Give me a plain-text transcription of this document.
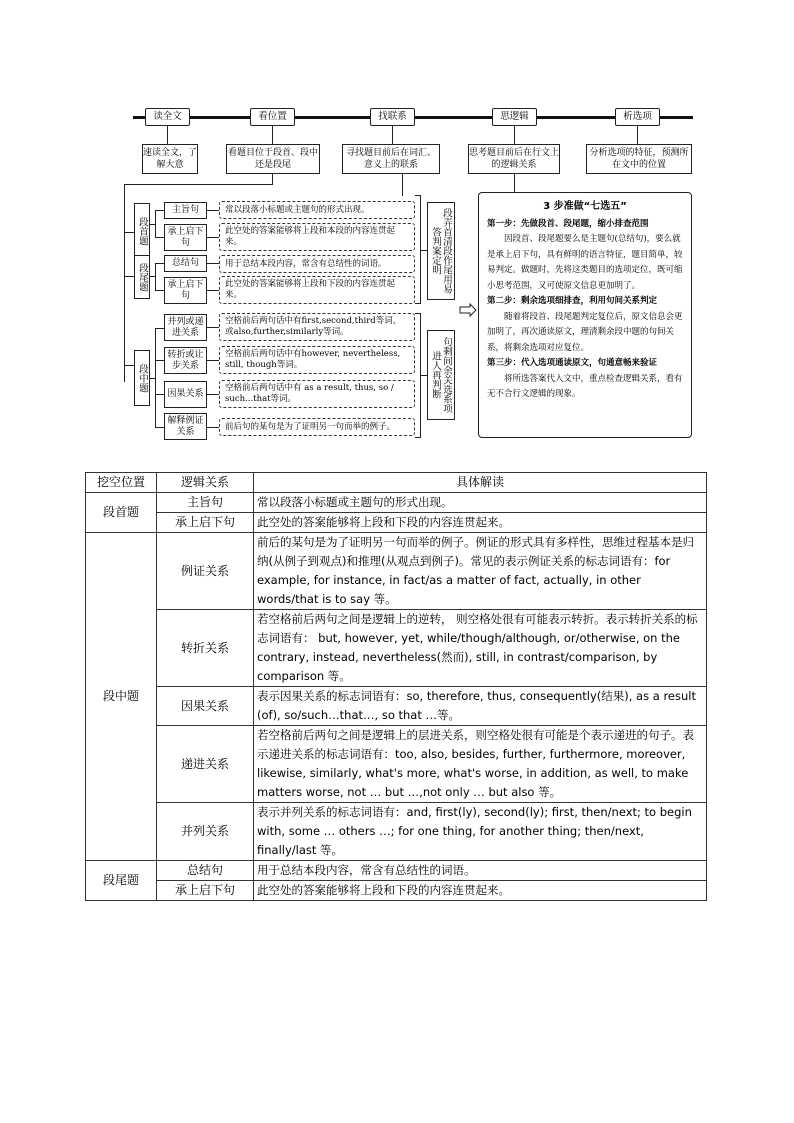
读全文	看位置	找联系	思逻辑	析选项
速读全文，了解大意
看题目位于段首、段中还是段尾
寻找题目前后在词汇、意义上的联系
思考题目前后在行文上的逻辑关系
分析选项的特征，预测所在文中的位置
段首题
段尾题
段中题
主旨句
承上启下句
总结句
承上启下句
并列或递进关系
转折或让步关系
因果关系
解释例证关系
常以段落小标题或主题句的形式出现。
此空处的答案能够将上段和本段的内容连贯起来。
用于总结本段内容，常含有总结性的词语。
此空处的答案能够将上段和下段的内容连贯起来。
空格前后两句话中有first,second,third等词，或also,further,similarly等词。
空格前后两句话中有however, nevertheless, still, though等词。
空格前后两句话中有 as a result, thus, so / such...that等词。
前后句的某句是为了证明另一句而举的例子。
段弄首清段作尾用易答判案定明
句剩间余关选系项进人再判断
3 步准做“七选五”
第一步：先做段首、段尾题，缩小排查范围

因段首、段尾题要么是主题句(总结句)，要么就是承上启下句，具有鲜明的语言特征，题目简单，较易判定。做题时，先将这类题目的选项定位，既可缩小思考范围，又可使原文信息更加明了。

第二步：剩余选项细排查，利用句间关系判定

随着将段首、段尾题判定复位后，原文信息会更加明了，再次通读原文，理清剩余段中题的句间关系，将剩余选项对应复位。

第三步：代入选项通读原文，句通意畅来验证

将所选答案代入文中，重点检查逻辑关系，看有无不合行文逻辑的现象。

挖空位置	逻辑关系	具体解读
段首题	主旨句	常以段落小标题或主题句的形式出现。
	承上启下句	此空处的答案能够将上段和下段的内容连贯起来。
段中题	例证关系	前后的某句是为了证明另一句而举的例子。例证的形式具有多样性，思维过程基本是归纳(从例子到观点)和推理(从观点到例子)。常见的表示例证关系的标志词语有：for example, for instance, in fact/as a matter of fact, actually, in other words/that is to say 等。
	转折关系	若空格前后两句之间是逻辑上的逆转， 则空格处很有可能表示转折。表示转折关系的标志词语有： but, however, yet, while/though/although, or/otherwise, on the contrary, instead, nevertheless(然而), still, in contrast/comparison, by comparison 等。
	因果关系	表示因果关系的标志词语有：so, therefore, thus, consequently(结果), as a result (of), so/such…that…, so that …等。
	递进关系	若空格前后两句之间是逻辑上的层进关系，则空格处很有可能是个表示递进的句子。表示递进关系的标志词语有：too, also, besides, further, furthermore, moreover, likewise, similarly, what's more, what's worse, in addition, as well, to make matters worse, not … but …,not only … but also 等。
	并列关系	表示并列关系的标志词语有：and, first(ly), second(ly); first, then/next; to begin with, some … others …; for one thing, for another thing; then/next, finally/last 等。
段尾题	总结句	用于总结本段内容，常含有总结性的词语。
	承上启下句	此空处的答案能够将上段和下段的内容连贯起来。
